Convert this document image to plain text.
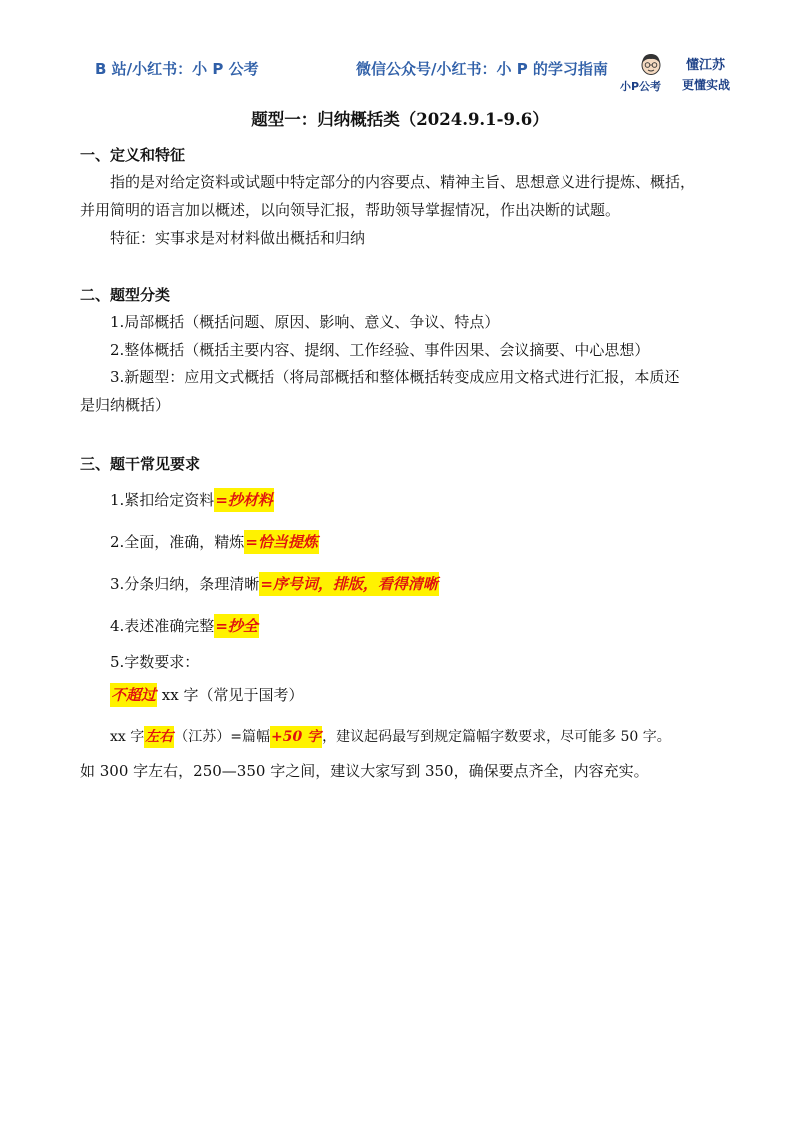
B 站/小红书：小 P 公考	微信公众号/小红书：小 P 的学习指南
小P公考
懂江苏
更懂实战
题型一：归纳概括类（2024.9.1-9.6）
一、定义和特征
指的是对给定资料或试题中特定部分的内容要点、精神主旨、思想意义进行提炼、概括，
并用简明的语言加以概述，以向领导汇报，帮助领导掌握情况，作出决断的试题。
特征：实事求是对材料做出概括和归纳
二、题型分类
1.局部概括（概括问题、原因、影响、意义、争议、特点）
2.整体概括（概括主要内容、提纲、工作经验、事件因果、会议摘要、中心思想）
3.新题型：应用文式概括（将局部概括和整体概括转变成应用文格式进行汇报，本质还
是归纳概括）
三、题干常见要求
1.紧扣给定资料=抄材料
2.全面，准确，精炼=恰当提炼
3.分条归纳，条理清晰=序号词，排版，看得清晰
4.表述准确完整=抄全
5.字数要求：
不超过 xx 字（常见于国考）
xx 字左右（江苏）=篇幅+50 字，建议起码最写到规定篇幅字数要求，尽可能多 50 字。
如 300 字左右，250—350 字之间，建议大家写到 350，确保要点齐全，内容充实。
